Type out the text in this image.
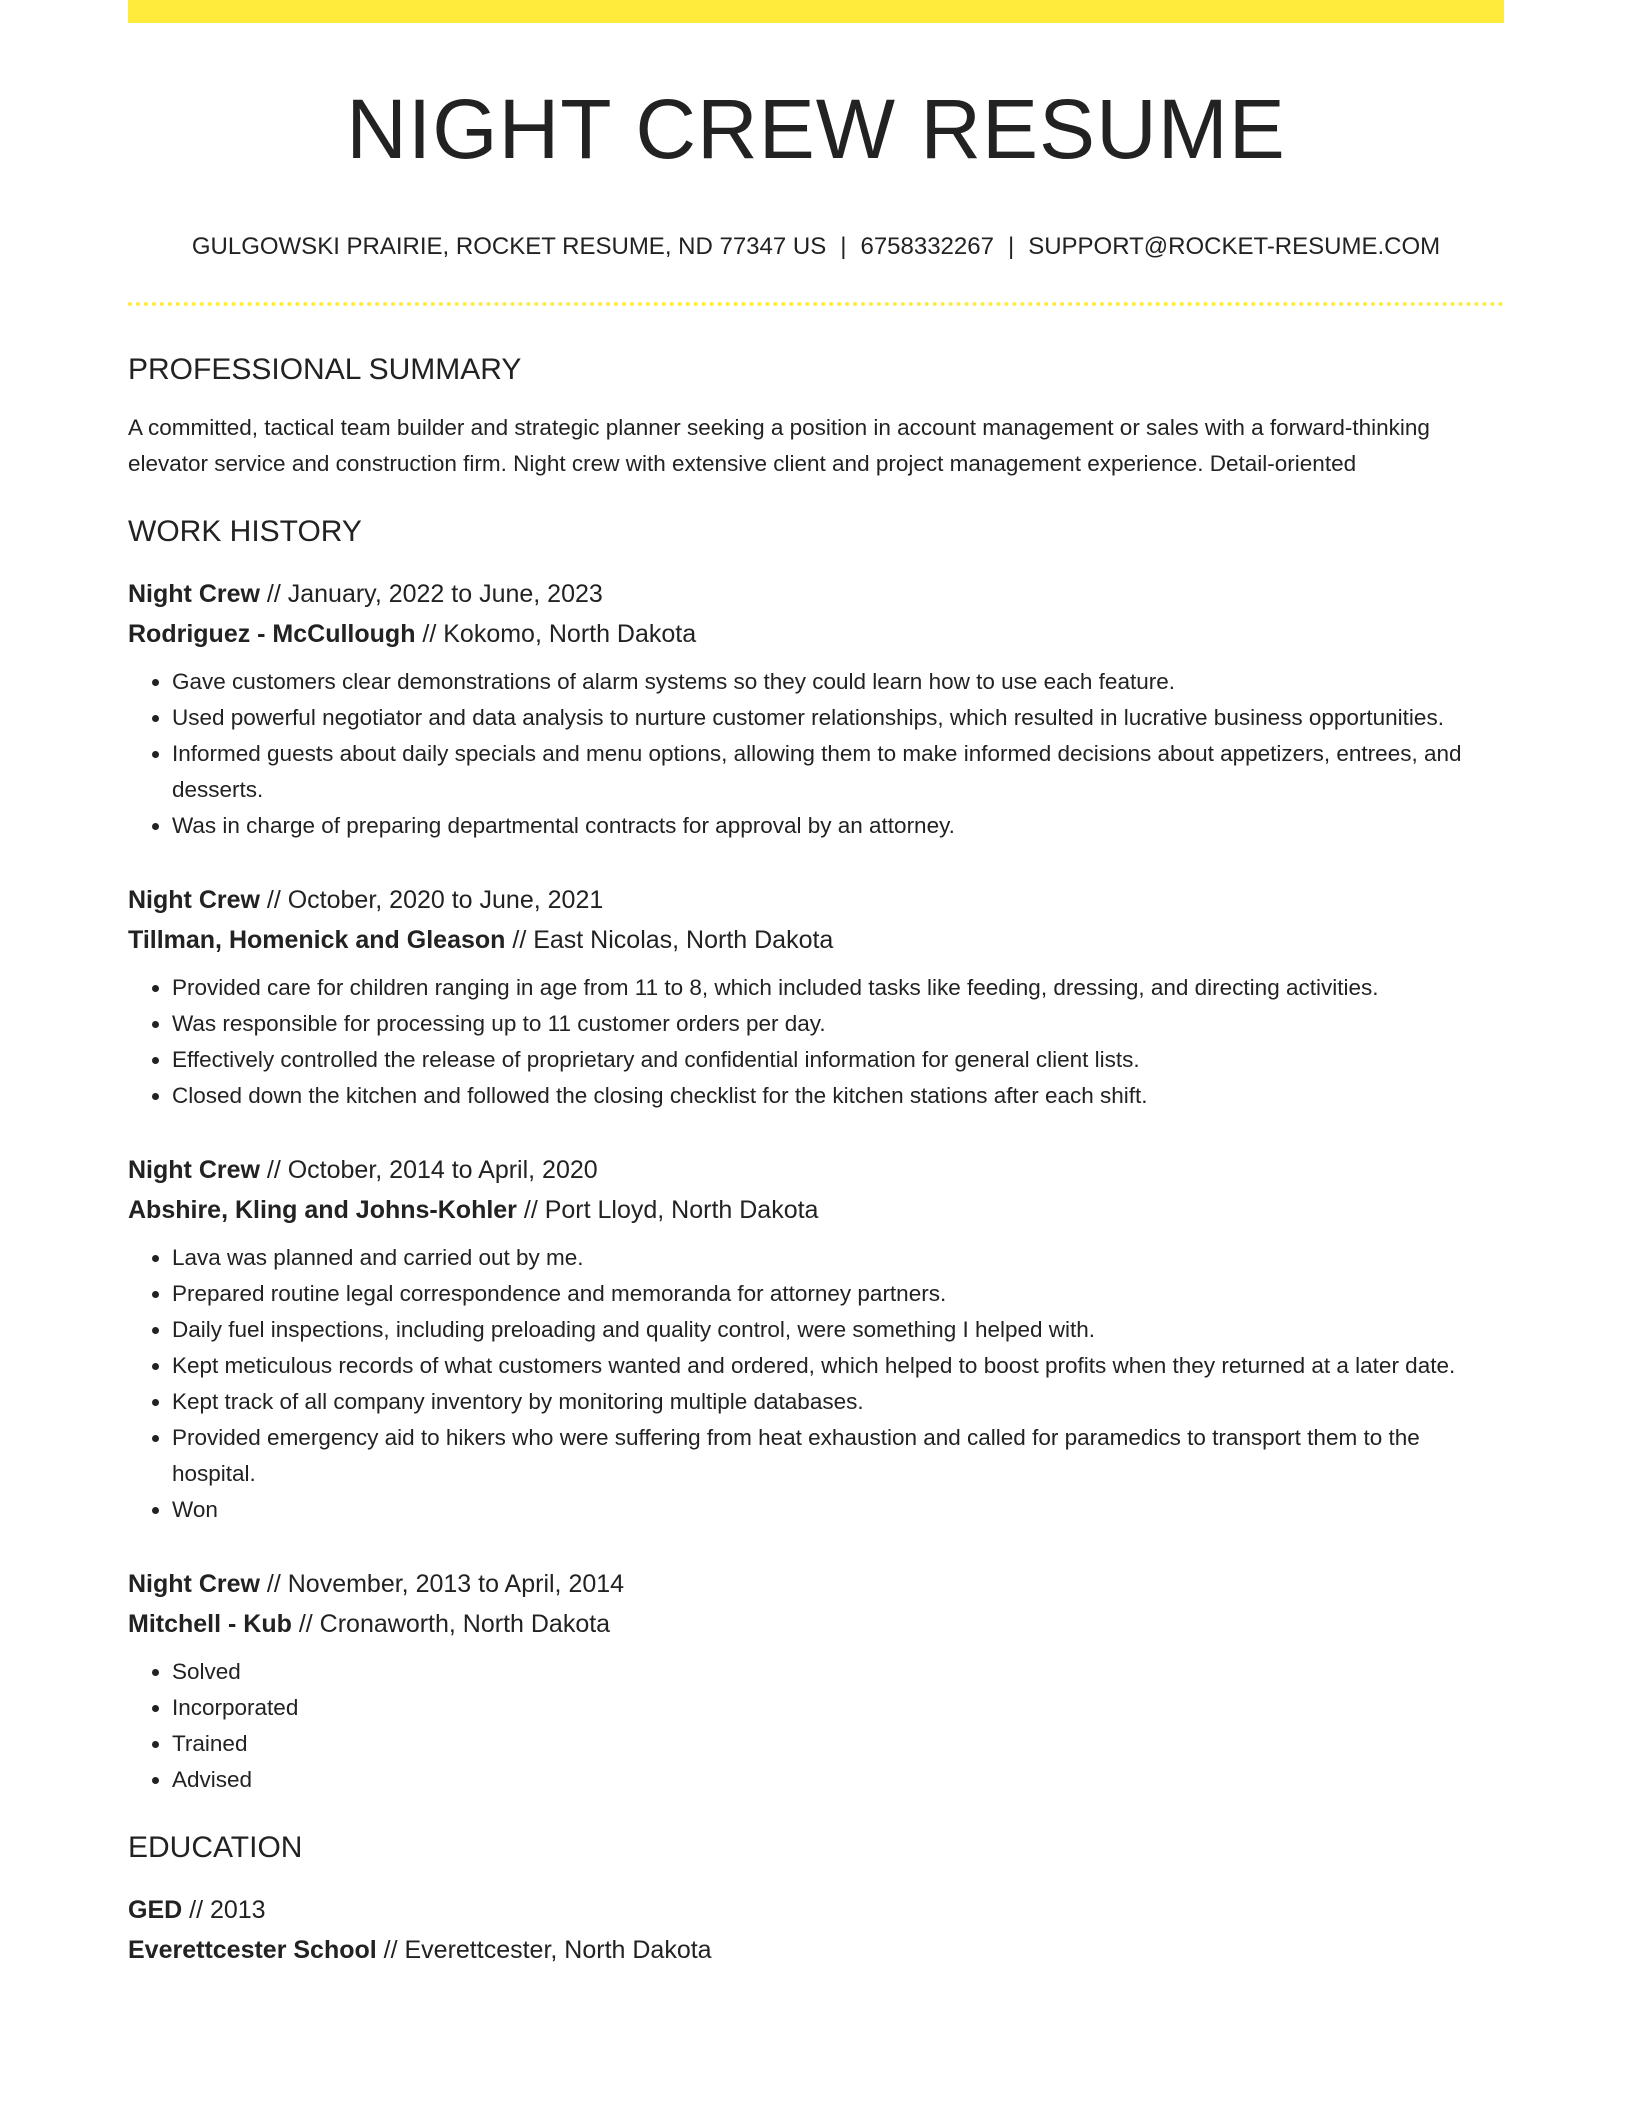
NIGHT CREW RESUME
GULGOWSKI PRAIRIE, ROCKET RESUME, ND 77347 US | 6758332267 | SUPPORT@ROCKET-RESUME.COM
PROFESSIONAL SUMMARY
A committed, tactical team builder and strategic planner seeking a position in account management or sales with a forward-thinking elevator service and construction firm. Night crew with extensive client and project management experience. Detail-oriented
WORK HISTORY
Night Crew // January, 2022 to June, 2023
Rodriguez - McCullough // Kokomo, North Dakota
• Gave customers clear demonstrations of alarm systems so they could learn how to use each feature.
• Used powerful negotiator and data analysis to nurture customer relationships, which resulted in lucrative business opportunities.
• Informed guests about daily specials and menu options, allowing them to make informed decisions about appetizers, entrees, and desserts.
• Was in charge of preparing departmental contracts for approval by an attorney.
Night Crew // October, 2020 to June, 2021
Tillman, Homenick and Gleason // East Nicolas, North Dakota
• Provided care for children ranging in age from 11 to 8, which included tasks like feeding, dressing, and directing activities.
• Was responsible for processing up to 11 customer orders per day.
• Effectively controlled the release of proprietary and confidential information for general client lists.
• Closed down the kitchen and followed the closing checklist for the kitchen stations after each shift.
Night Crew // October, 2014 to April, 2020
Abshire, Kling and Johns-Kohler // Port Lloyd, North Dakota
• Lava was planned and carried out by me.
• Prepared routine legal correspondence and memoranda for attorney partners.
• Daily fuel inspections, including preloading and quality control, were something I helped with.
• Kept meticulous records of what customers wanted and ordered, which helped to boost profits when they returned at a later date.
• Kept track of all company inventory by monitoring multiple databases.
• Provided emergency aid to hikers who were suffering from heat exhaustion and called for paramedics to transport them to the hospital.
• Won
Night Crew // November, 2013 to April, 2014
Mitchell - Kub // Cronaworth, North Dakota
• Solved
• Incorporated
• Trained
• Advised
EDUCATION
GED // 2013
Everettcester School // Everettcester, North Dakota
